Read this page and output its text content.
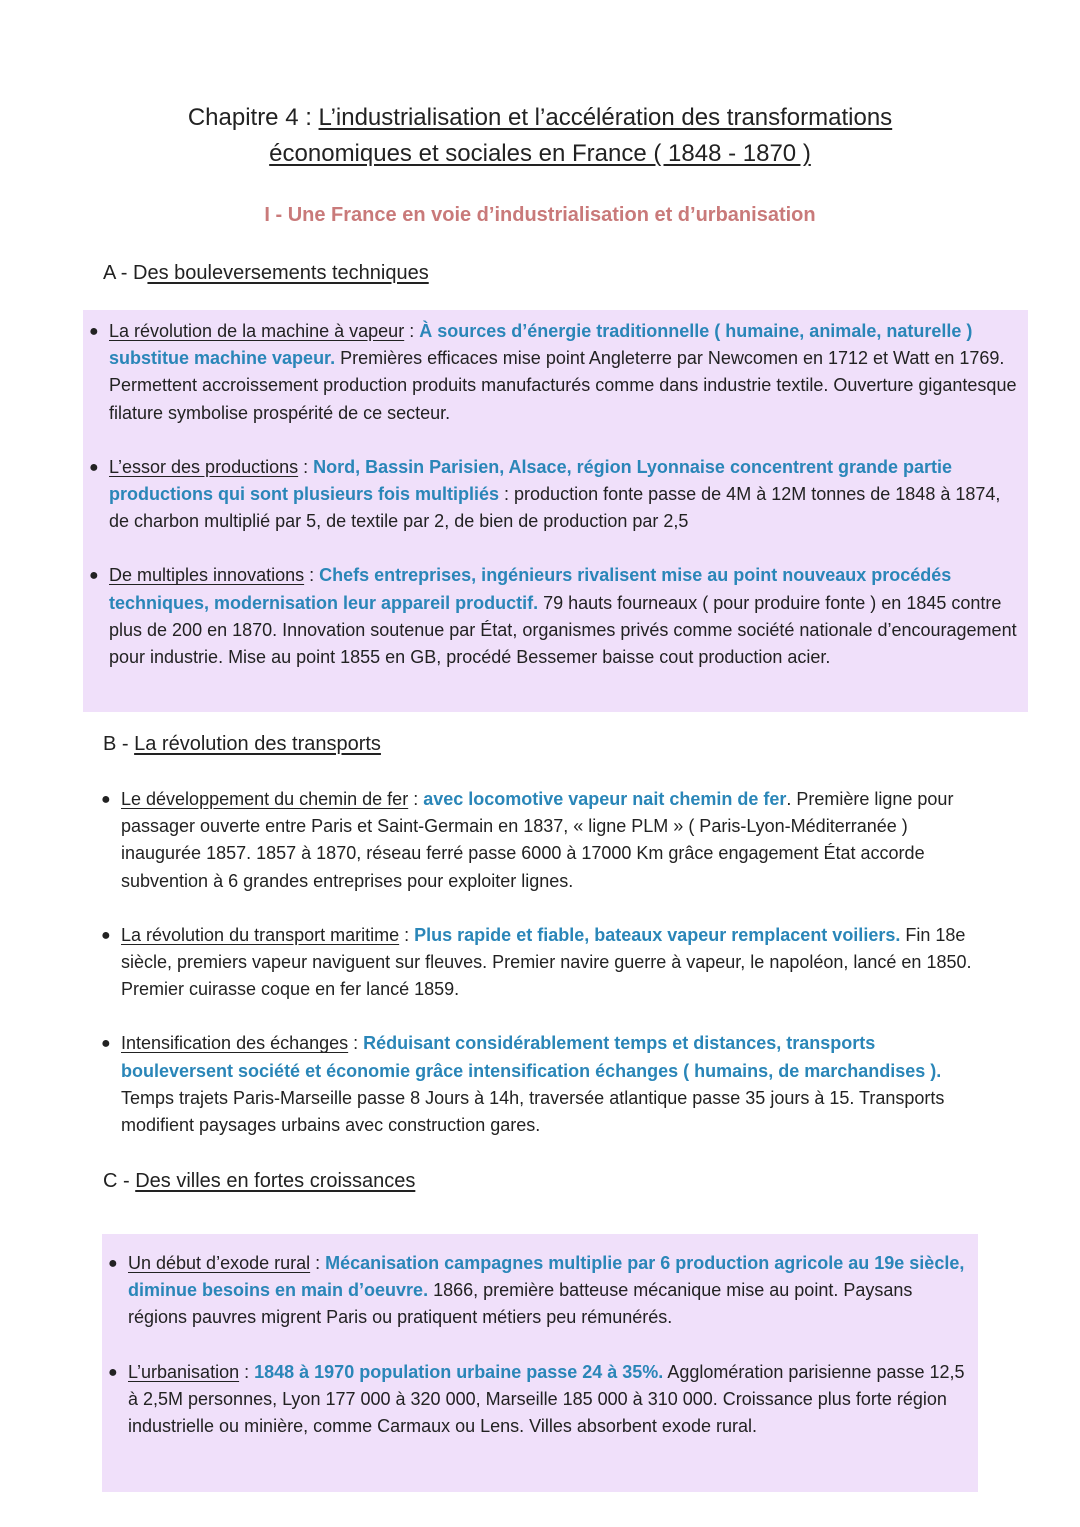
Chapitre 4 : L’industrialisation et l’accélération des transformations
économiques et sociales en France ( 1848 - 1870 )
I - Une France en voie d’industrialisation et d’urbanisation
A - Des bouleversements techniques
● La révolution de la machine à vapeur : À sources d’énergie traditionnelle ( humaine, animale, naturelle ) substitue machine vapeur. Premières efficaces mise point Angleterre par Newcomen en 1712 et Watt en 1769. Permettent accroissement production produits manufacturés comme dans industrie textile. Ouverture gigantesque filature symbolise prospérité de ce secteur.
● L’essor des productions : Nord, Bassin Parisien, Alsace, région Lyonnaise concentrent grande partie productions qui sont plusieurs fois multipliés : production fonte passe de 4M à 12M tonnes de 1848 à 1874, de charbon multiplié par 5, de textile par 2, de bien de production par 2,5
● De multiples innovations : Chefs entreprises, ingénieurs rivalisent mise au point nouveaux procédés techniques, modernisation leur appareil productif. 79 hauts fourneaux ( pour produire fonte ) en 1845 contre plus de 200 en 1870. Innovation soutenue par État, organismes privés comme société nationale d’encouragement pour industrie. Mise au point 1855 en GB, procédé Bessemer baisse cout production acier.
B - La révolution des transports
● Le développement du chemin de fer : avec locomotive vapeur nait chemin de fer. Première ligne pour passager ouverte entre Paris et Saint-Germain en 1837, « ligne PLM » ( Paris-Lyon-Méditerranée ) inaugurée 1857. 1857 à 1870, réseau ferré passe 6000 à 17000 Km grâce engagement État accorde subvention à 6 grandes entreprises pour exploiter lignes.
● La révolution du transport maritime : Plus rapide et fiable, bateaux vapeur remplacent voiliers. Fin 18e siècle, premiers vapeur naviguent sur fleuves. Premier navire guerre à vapeur, le napoléon, lancé en 1850. Premier cuirasse coque en fer lancé 1859.
● Intensification des échanges : Réduisant considérablement temps et distances, transports bouleversent société et économie grâce intensification échanges ( humains, de marchandises ). Temps trajets Paris-Marseille passe 8 Jours à 14h, traversée atlantique passe 35 jours à 15. Transports modifient paysages urbains avec construction gares.
C - Des villes en fortes croissances
● Un début d’exode rural : Mécanisation campagnes multiplie par 6 production agricole au 19e siècle, diminue besoins en main d’oeuvre. 1866, première batteuse mécanique mise au point. Paysans régions pauvres migrent Paris ou pratiquent métiers peu rémunérés.
● L’urbanisation : 1848 à 1970 population urbaine passe 24 à 35%. Agglomération parisienne passe 12,5 à 2,5M personnes, Lyon 177 000 à 320 000, Marseille 185 000 à 310 000. Croissance plus forte région industrielle ou minière, comme Carmaux ou Lens. Villes absorbent exode rural.
